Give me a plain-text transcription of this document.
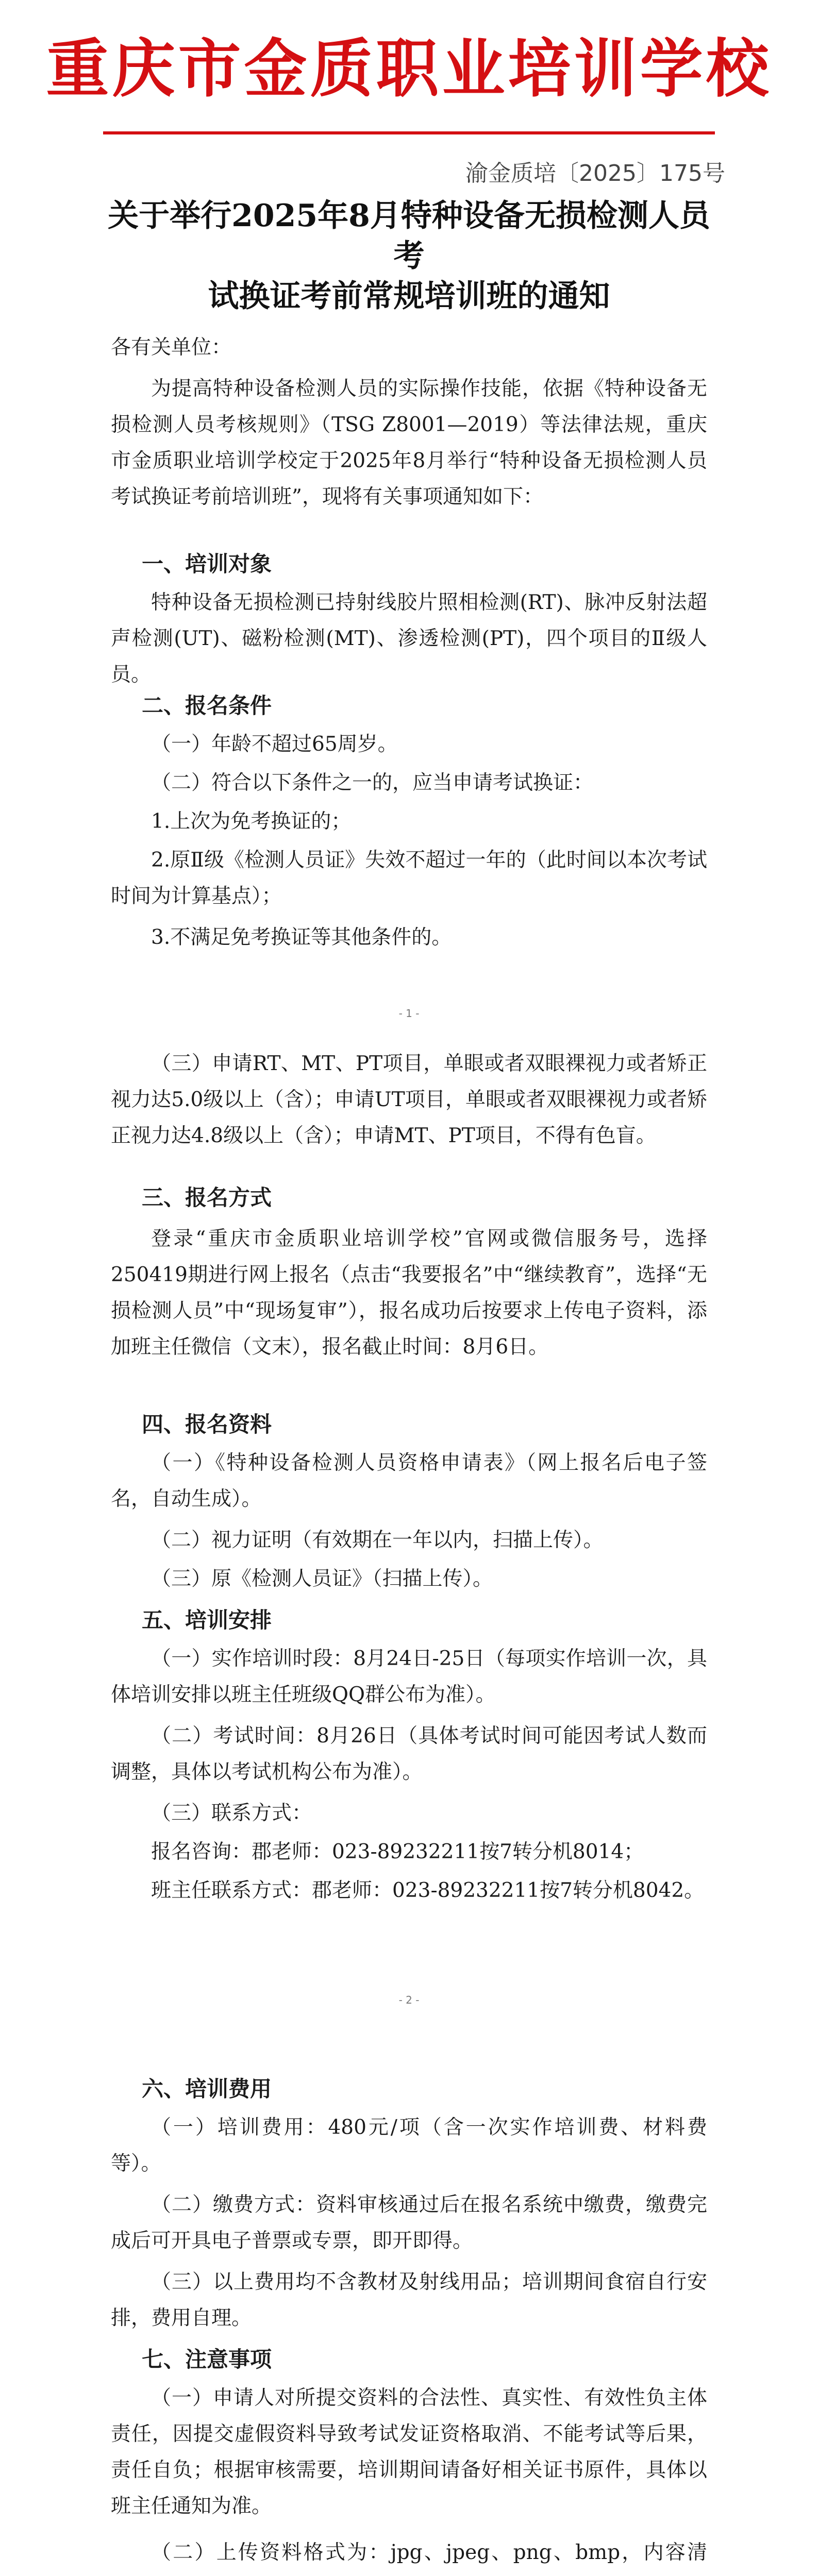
重庆市金质职业培训学校
渝金质培〔2025〕175号
关于举行2025年8月特种设备无损检测人员考
试换证考前常规培训班的通知
各有关单位：
为提高特种设备检测人员的实际操作技能，依据《特种设备无损检测人员考核规则》（TSG Z8001—2019）等法律法规，重庆市金质职业培训学校定于2025年8月举行“特种设备无损检测人员考试换证考前培训班”，现将有关事项通知如下：
一、培训对象
特种设备无损检测已持射线胶片照相检测(RT)、脉冲反射法超声检测(UT)、磁粉检测(MT)、渗透检测(PT)，四个项目的Ⅱ级人员。
二、报名条件
（一）年龄不超过65周岁。
（二）符合以下条件之一的，应当申请考试换证：
1.上次为免考换证的；
2.原Ⅱ级《检测人员证》失效不超过一年的（此时间以本次考试时间为计算基点）；
3.不满足免考换证等其他条件的。
- 1 -
（三）申请RT、MT、PT项目，单眼或者双眼裸视力或者矫正视力达5.0级以上（含）；申请UT项目，单眼或者双眼裸视力或者矫正视力达4.8级以上（含）；申请MT、PT项目，不得有色盲。
三、报名方式
登录“重庆市金质职业培训学校”官网或微信服务号，选择250419期进行网上报名（点击“我要报名”中“继续教育”，选择“无损检测人员”中“现场复审”），报名成功后按要求上传电子资料，添加班主任微信（文末），报名截止时间：8月6日。
四、报名资料
（一）《特种设备检测人员资格申请表》（网上报名后电子签名，自动生成）。
（二）视力证明（有效期在一年以内，扫描上传）。
（三）原《检测人员证》（扫描上传）。
五、培训安排
（一）实作培训时段：8月24日-25日（每项实作培训一次，具体培训安排以班主任班级QQ群公布为准）。
（二）考试时间：8月26日（具体考试时间可能因考试人数而调整，具体以考试机构公布为准）。
（三）联系方式：
报名咨询：郡老师：023-89232211按7转分机8014；
班主任联系方式：郡老师：023-89232211按7转分机8042。
- 2 -
六、培训费用
（一）培训费用：480元/项（含一次实作培训费、材料费等）。
（二）缴费方式：资料审核通过后在报名系统中缴费，缴费完成后可开具电子普票或专票，即开即得。
（三）以上费用均不含教材及射线用品；培训期间食宿自行安排，费用自理。
七、注意事项
（一）申请人对所提交资料的合法性、真实性、有效性负主体责任，因提交虚假资料导致考试发证资格取消、不能考试等后果，责任自负；根据审核需要，培训期间请备好相关证书原件，具体以班主任通知为准。
（二）上传资料格式为：jpg、jpeg、png、bmp，内容清
